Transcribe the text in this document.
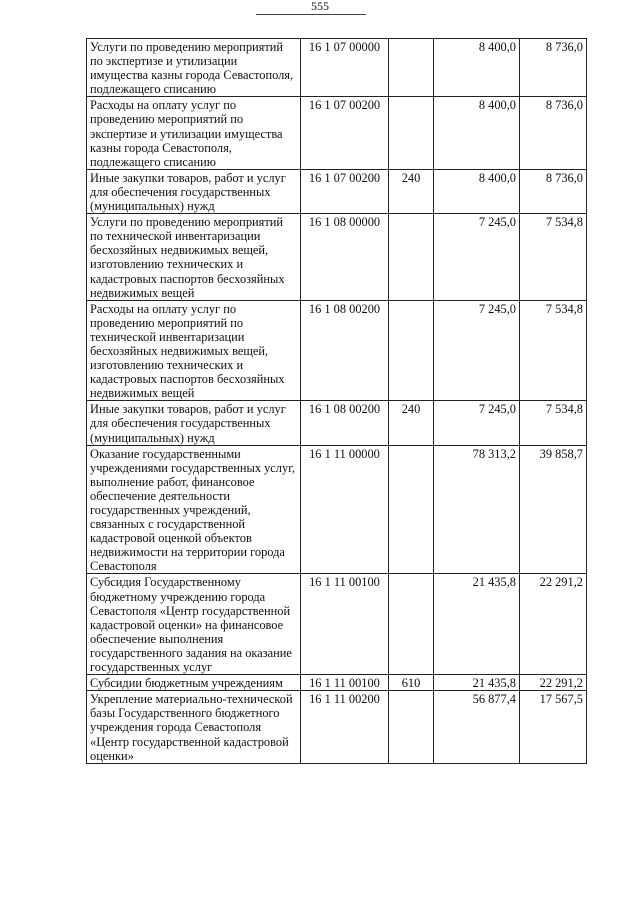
555
Услуги по проведению мероприятий по экспертизе и утилизации имущества казны города Севастополя, подлежащего списанию	16 1 07 00000		8 400,0	8 736,0
Расходы на оплату услуг по проведению мероприятий по экспертизе и утилизации имущества казны города Севастополя, подлежащего списанию	16 1 07 00200		8 400,0	8 736,0
Иные закупки товаров, работ и услуг для обеспечения государственных (муниципальных) нужд	16 1 07 00200	240	8 400,0	8 736,0
Услуги по проведению мероприятий по технической инвентаризации бесхозяйных недвижимых вещей, изготовлению технических и кадастровых паспортов бесхозяйных недвижимых вещей	16 1 08 00000		7 245,0	7 534,8
Расходы на оплату услуг по проведению мероприятий по технической инвентаризации бесхозяйных недвижимых вещей, изготовлению технических и кадастровых паспортов бесхозяйных недвижимых вещей	16 1 08 00200		7 245,0	7 534,8
Иные закупки товаров, работ и услуг для обеспечения государственных (муниципальных) нужд	16 1 08 00200	240	7 245,0	7 534,8
Оказание государственными учреждениями государственных услуг, выполнение работ, финансовое обеспечение деятельности государственных учреждений, связанных с государственной кадастровой оценкой объектов недвижимости на территории города Севастополя	16 1 11 00000		78 313,2	39 858,7
Субсидия Государственному бюджетному учреждению города Севастополя «Центр государственной кадастровой оценки» на финансовое обеспечение выполнения государственного задания на оказание государственных услуг	16 1 11 00100		21 435,8	22 291,2
Субсидии бюджетным учреждениям	16 1 11 00100	610	21 435,8	22 291,2
Укрепление материально-технической базы Государственного бюджетного учреждения города Севастополя «Центр государственной кадастровой оценки»	16 1 11 00200		56 877,4	17 567,5
